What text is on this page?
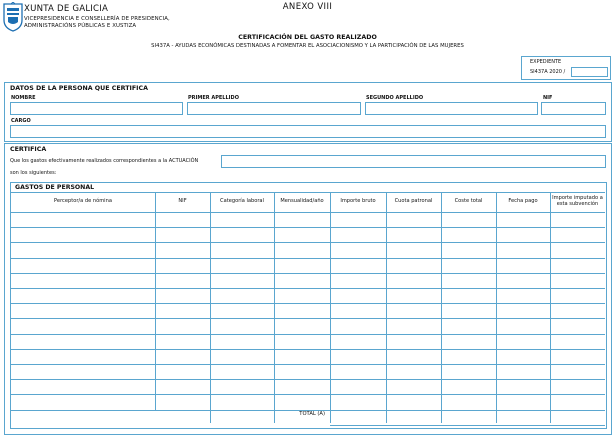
XUNTA DE GALICIA
VICEPRESIDENCIA E CONSELLERÍA DE PRESIDENCIA,
ADMINISTRACIÓNS PÚBLICAS E XUSTIZA
ANEXO VIII
CERTIFICACIÓN DEL GASTO REALIZADO
SI437A - AYUDAS ECONÓMICAS DESTINADAS A FOMENTAR EL ASOCIACIONISMO Y LA PARTICIPACIÓN DE LAS MUJERES
EXPEDIENTE
SI437A 2020 /
DATOS DE LA PERSONA QUE CERTIFICA
NOMBRE	PRIMER APELLIDO	SEGUNDO APELLIDO	NIF
CARGO
CERTIFICA
Que los gastos efectivamente realizados correspondientes a la ACTUACIÓN
son los siguientes:
GASTOS DE PERSONAL
Perceptor/a de nómina	NIF	Categoría laboral	Mensualidad/año	Importe bruto	Cuota patronal	Coste total	Fecha pago	Importe imputado a esta subvención
TOTAL (A)
